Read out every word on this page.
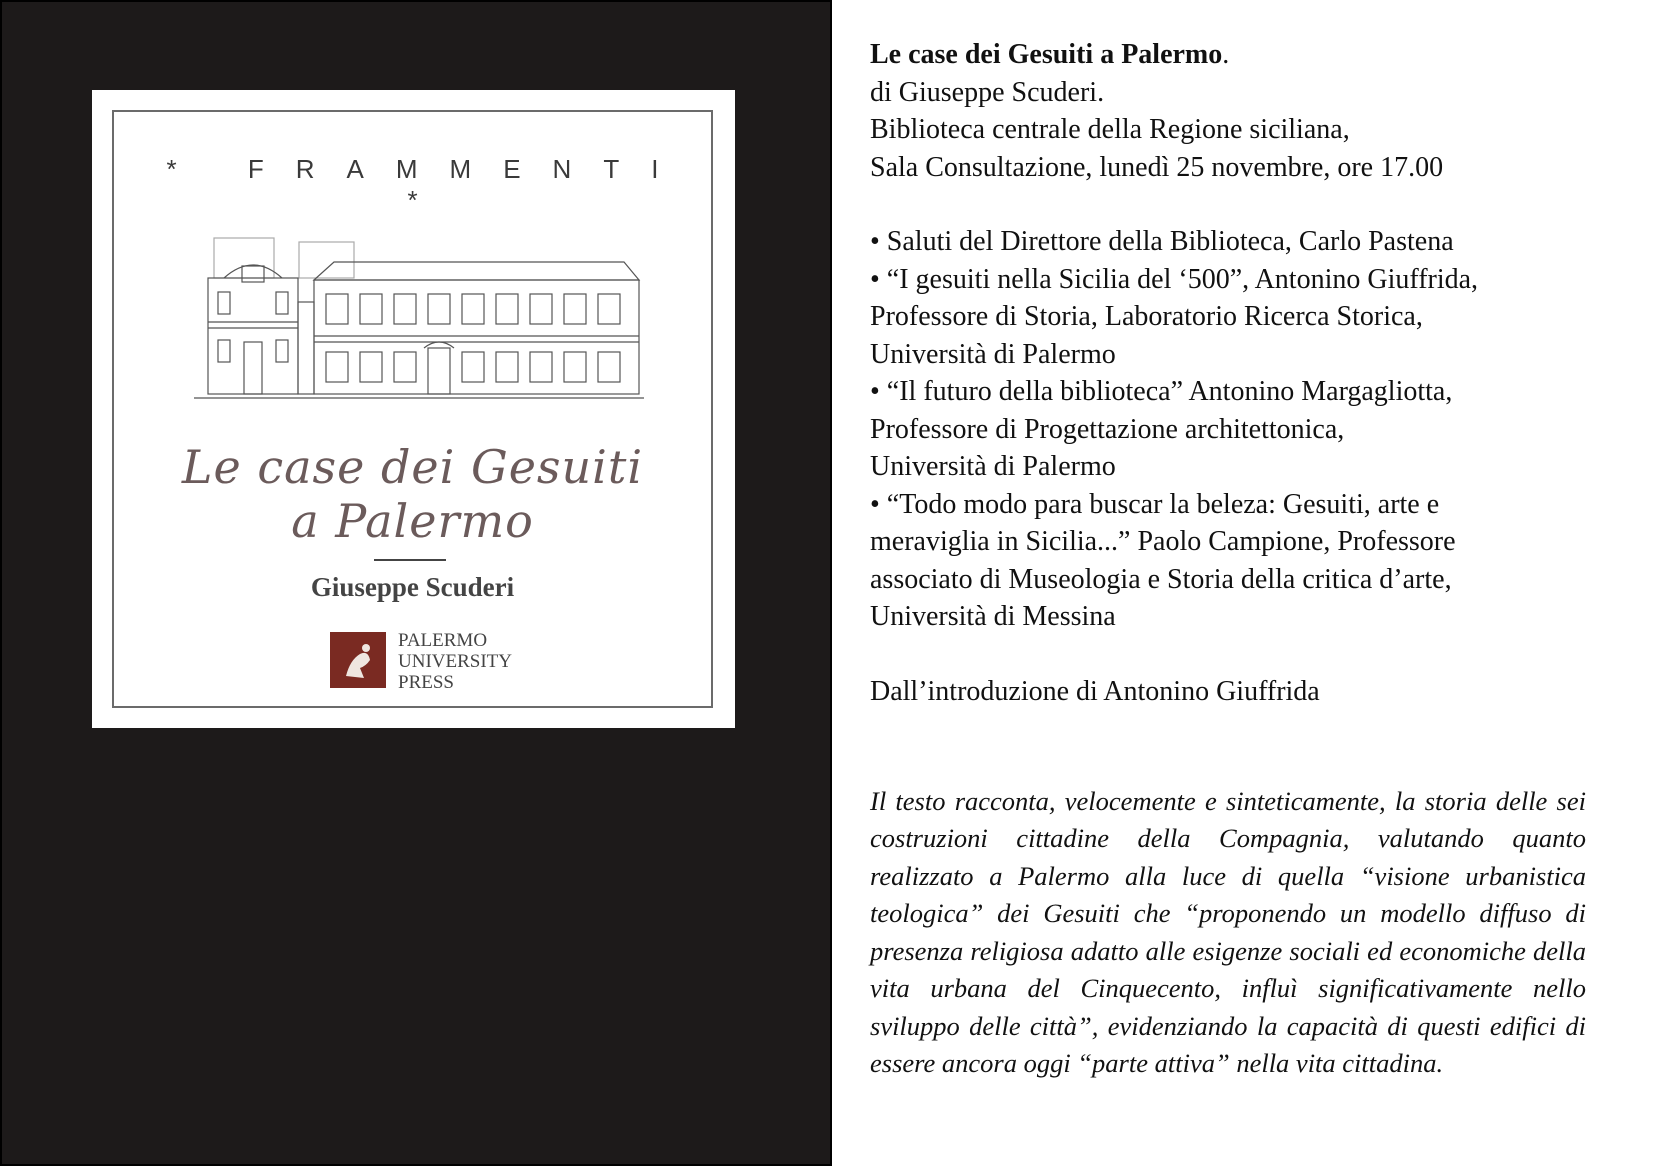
* FRAMMENTI *
Le case dei Gesuiti
a Palermo
Giuseppe Scuderi
PALERMO
UNIVERSITY
PRESS

Le case dei Gesuiti a Palermo.

di Giuseppe Scuderi.

Biblioteca centrale della Regione siciliana,

Sala Consultazione, lunedì 25 novembre, ore 17.00

• Saluti del Direttore della Biblioteca, Carlo Pastena

• “I gesuiti nella Sicilia del ‘500”, Antonino Giuffrida,

Professore di Storia, Laboratorio Ricerca Storica,

Università di Palermo

• “Il futuro della biblioteca” Antonino Margagliotta,

Professore di Progettazione architettonica,

Università di Palermo

• “Todo modo para buscar la beleza: Gesuiti, arte e

meraviglia in Sicilia...” Paolo Campione, Professore

associato di Museologia e Storia della critica d’arte,

Università di Messina

Dall’introduzione di Antonino Giuffrida

Il testo racconta, velocemente e sinteticamente, la storia delle sei costruzioni cittadine della Compagnia, valutando quanto realizzato a Palermo alla luce di quella “visione urbanistica teologica” dei Gesuiti che “proponendo un modello diffuso di presenza religiosa adatto alle esigenze sociali ed economiche della vita urbana del Cinquecento, influì significativamente nello sviluppo delle città”, evidenziando la capacità di questi edifici di essere ancora oggi “parte attiva” nella vita cittadina.
